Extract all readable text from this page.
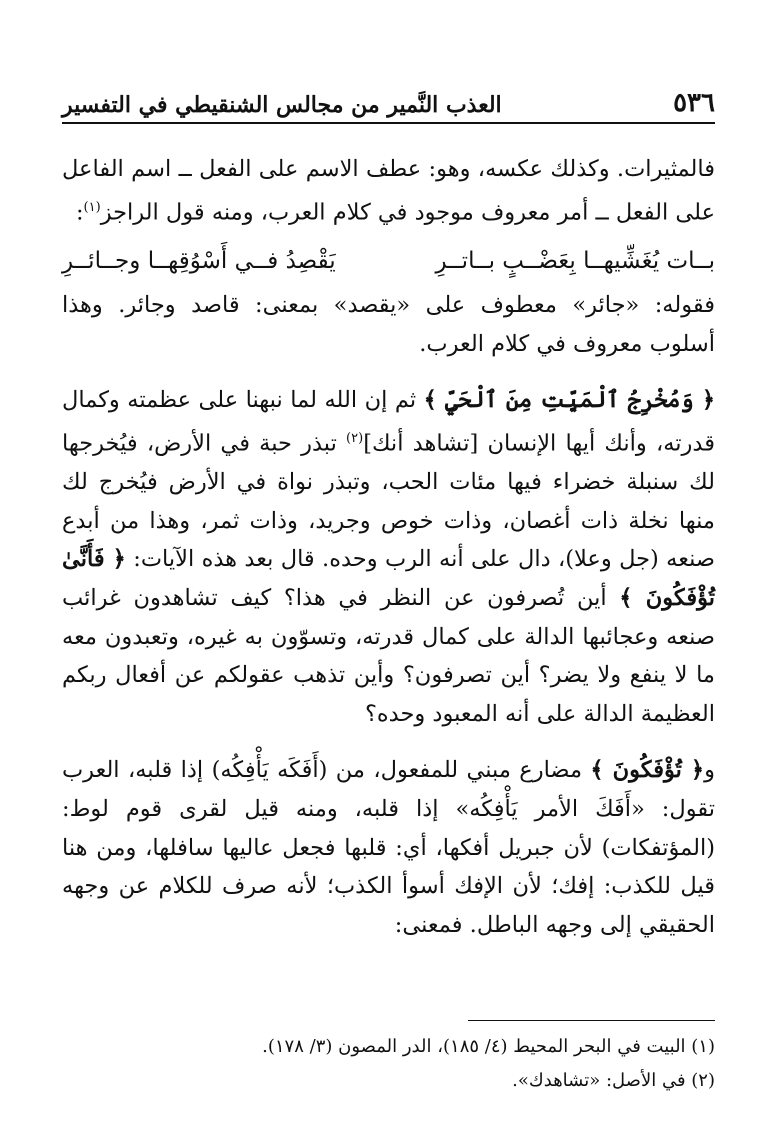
٥٣٦
العذب النَّمير من مجالس الشنقيطي في التفسير

فالمثيرات. وكذلك عكسه، وهو: عطف الاسم على الفعل ــ اسم الفاعل على الفعل ــ أمر معروف موجود في كلام العرب، ومنه قول الراجز$^{(١)}$:

بــات يُغَشِّيهــا بِعَضْــبٍ بــاتــرِ
يَقْصِدُ فــي أَسْوُقِهــا وجــائــرِ

فقوله: «جائر» معطوف على «يقصد» بمعنى: قاصد وجائر. وهذا أسلوب معروف في كلام العرب.

﴿ وَمُخْرِجُ ٱلْمَيِّتِ مِنَ ٱلْحَيِّ ﴾ ثم إن الله لما نبهنا على عظمته وكمال قدرته، وأنك أيها الإنسان [تشاهد أنك]$^{(٢)}$ تبذر حبة في الأرض، فيُخرجها لك سنبلة خضراء فيها مئات الحب، وتبذر نواة في الأرض فيُخرج لك منها نخلة ذات أغصان، وذات خوص وجريد، وذات ثمر، وهذا من أبدع صنعه (جل وعلا)، دال على أنه الرب وحده. قال بعد هذه الآيات: ﴿ فَأَنَّىٰ تُؤْفَكُونَ ﴾ أين تُصرفون عن النظر في هذا؟ كيف تشاهدون غرائب صنعه وعجائبها الدالة على كمال قدرته، وتسوّون به غيره، وتعبدون معه ما لا ينفع ولا يضر؟ أين تصرفون؟ وأين تذهب عقولكم عن أفعال ربكم العظيمة الدالة على أنه المعبود وحده؟

و﴿ تُؤْفَكُونَ ﴾ مضارع مبني للمفعول، من (أَفَكَه يَأْفِكُه) إذا قلبه، العرب تقول: «أَفَكَ الأمر يَأْفِكُه» إذا قلبه، ومنه قيل لقرى قوم لوط: (المؤتفكات) لأن جبريل أفكها، أي: قلبها فجعل عاليها سافلها، ومن هنا قيل للكذب: إفك؛ لأن الإفك أسوأ الكذب؛ لأنه صرف للكلام عن وجهه الحقيقي إلى وجهه الباطل. فمعنى:

(١) البيت في البحر المحيط (٤/ ١٨٥)، الدر المصون (٣/ ١٧٨).

(٢) في الأصل: «تشاهدك».
